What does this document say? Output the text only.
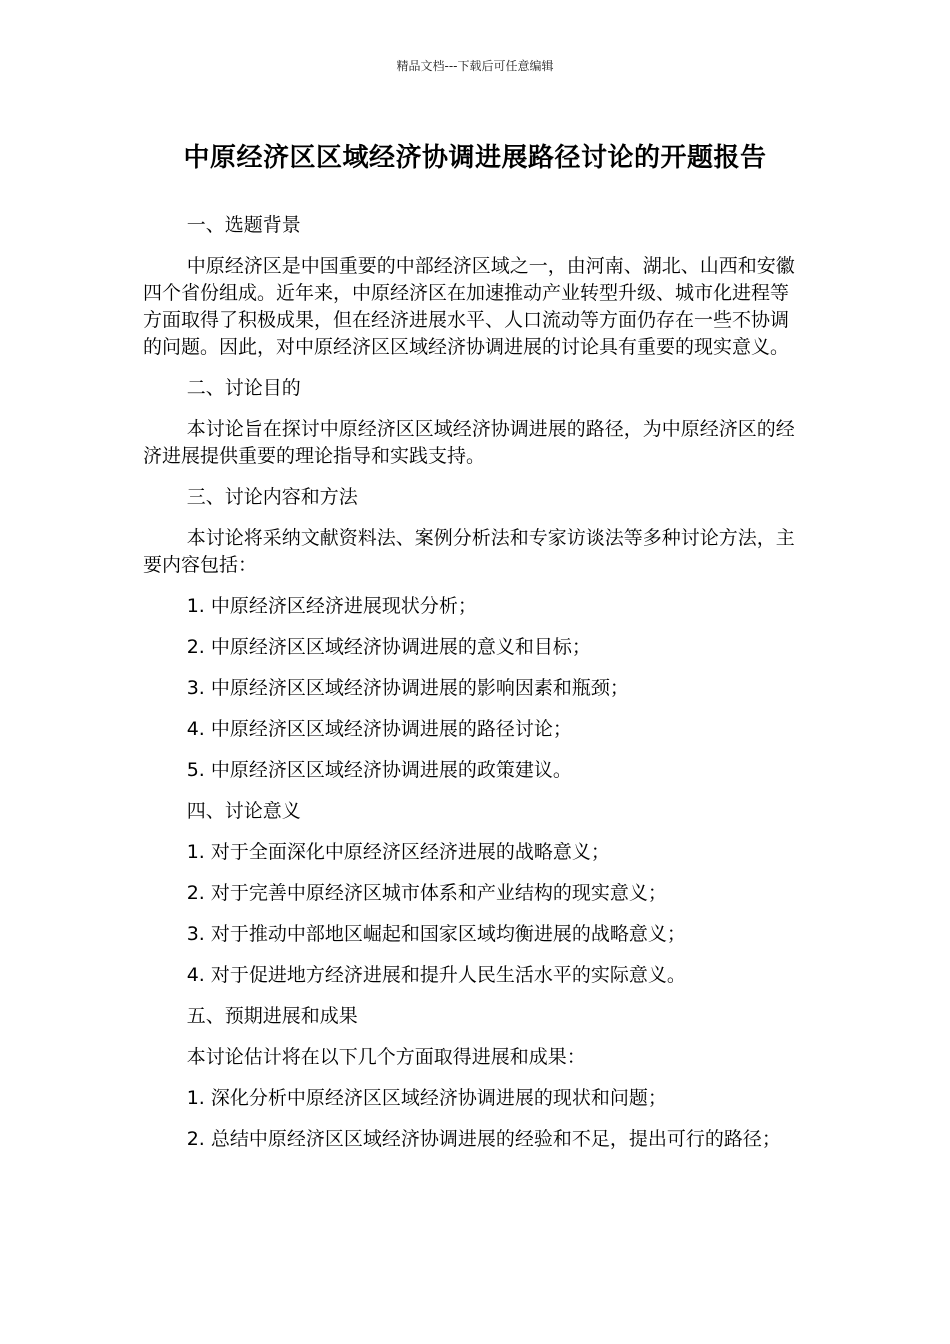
精品文档---下载后可任意编辑
中原经济区区域经济协调进展路径讨论的开题报告

一、选题背景

中原经济区是中国重要的中部经济区域之一，由河南、湖北、山西和安徽四个省份组成。近年来，中原经济区在加速推动产业转型升级、城市化进程等方面取得了积极成果，但在经济进展水平、人口流动等方面仍存在一些不协调的问题。因此，对中原经济区区域经济协调进展的讨论具有重要的现实意义。

二、讨论目的

本讨论旨在探讨中原经济区区域经济协调进展的路径，为中原经济区的经济进展提供重要的理论指导和实践支持。

三、讨论内容和方法

本讨论将采纳文献资料法、案例分析法和专家访谈法等多种讨论方法，主要内容包括：

1. 中原经济区经济进展现状分析；

2. 中原经济区区域经济协调进展的意义和目标；

3. 中原经济区区域经济协调进展的影响因素和瓶颈；

4. 中原经济区区域经济协调进展的路径讨论；

5. 中原经济区区域经济协调进展的政策建议。

四、讨论意义

1. 对于全面深化中原经济区经济进展的战略意义；

2. 对于完善中原经济区城市体系和产业结构的现实意义；

3. 对于推动中部地区崛起和国家区域均衡进展的战略意义；

4. 对于促进地方经济进展和提升人民生活水平的实际意义。

五、预期进展和成果

本讨论估计将在以下几个方面取得进展和成果：

1. 深化分析中原经济区区域经济协调进展的现状和问题；

2. 总结中原经济区区域经济协调进展的经验和不足，提出可行的路径；
